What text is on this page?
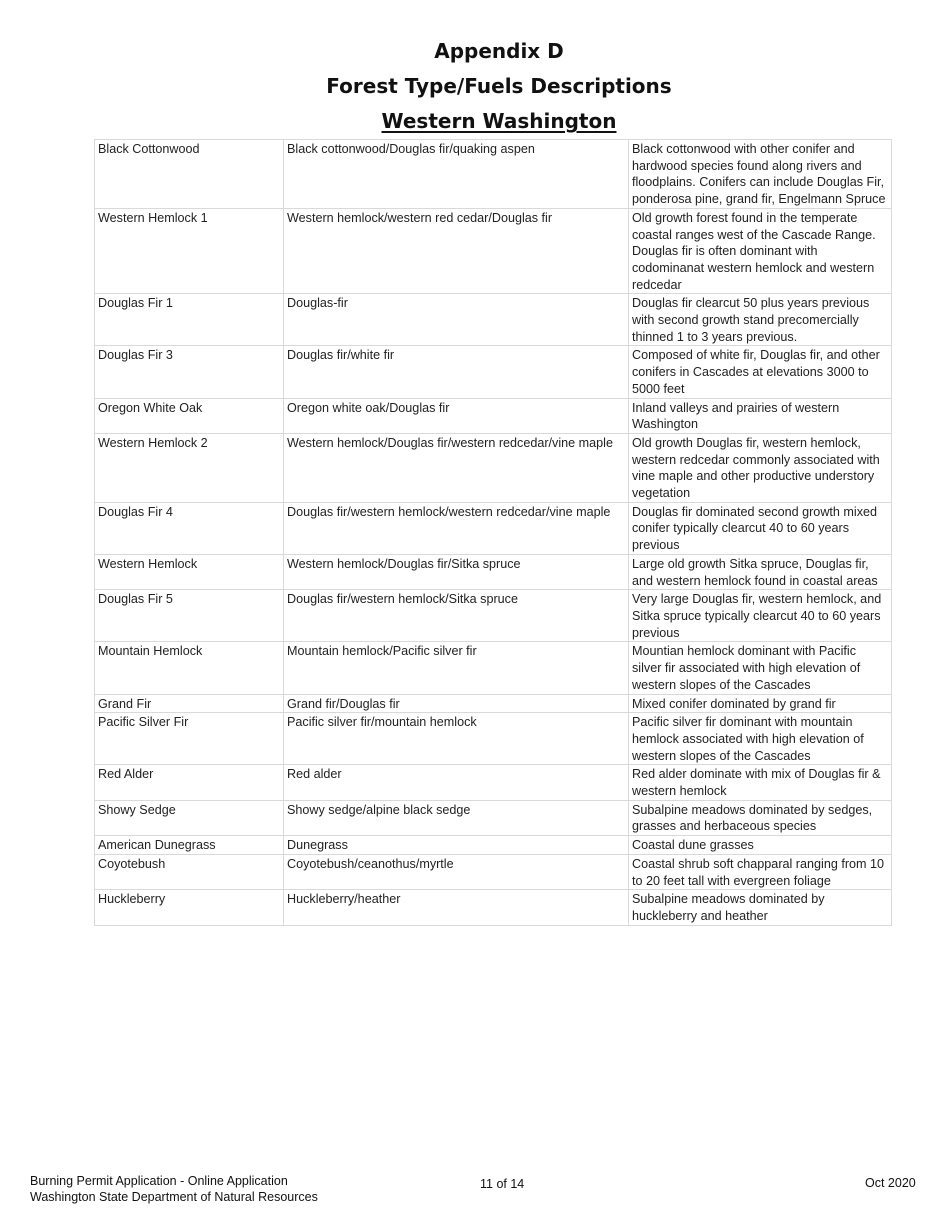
Appendix D
Forest Type/Fuels Descriptions
Western Washington
Black Cottonwood	Black cottonwood/Douglas fir/quaking aspen	Black cottonwood with other conifer and hardwood species found along rivers and floodplains. Conifers can include Douglas Fir, ponderosa pine, grand fir, Engelmann Spruce
Western Hemlock 1	Western hemlock/western red cedar/Douglas fir	Old growth forest found in the temperate coastal ranges west of the Cascade Range. Douglas fir is often dominant with codominanat western hemlock and western redcedar
Douglas Fir 1	Douglas-fir	Douglas fir clearcut 50 plus years previous with second growth stand precomercially thinned 1 to 3 years previous.
Douglas Fir 3	Douglas fir/white fir	Composed of white fir, Douglas fir, and other conifers in Cascades at elevations 3000 to 5000 feet
Oregon White Oak	Oregon white oak/Douglas fir	Inland valleys and prairies of western Washington
Western Hemlock 2	Western hemlock/Douglas fir/western redcedar/vine maple	Old growth Douglas fir, western hemlock, western redcedar commonly associated with vine maple and other productive understory vegetation
Douglas Fir 4	Douglas fir/western hemlock/western redcedar/vine maple	Douglas fir dominated second growth mixed conifer typically clearcut 40 to 60 years previous
Western Hemlock	Western hemlock/Douglas fir/Sitka spruce	Large old growth Sitka spruce, Douglas fir, and western hemlock found in coastal areas
Douglas Fir 5	Douglas fir/western hemlock/Sitka spruce	Very large Douglas fir, western hemlock, and Sitka spruce typically clearcut 40 to 60 years previous
Mountain Hemlock	Mountain hemlock/Pacific silver fir	Mountian hemlock dominant with Pacific silver fir associated with high elevation of western slopes of the Cascades
Grand Fir	Grand fir/Douglas fir	Mixed conifer dominated by grand fir
Pacific Silver Fir	Pacific silver fir/mountain hemlock	Pacific silver fir dominant with mountain hemlock associated with high elevation of western slopes of the Cascades
Red Alder	Red alder	Red alder dominate with mix of Douglas fir & western hemlock
Showy Sedge	Showy sedge/alpine black sedge	Subalpine meadows dominated by sedges, grasses and herbaceous species
American Dunegrass	Dunegrass	Coastal dune grasses
Coyotebush	Coyotebush/ceanothus/myrtle	Coastal shrub soft chapparal ranging from 10 to 20 feet tall with evergreen foliage
Huckleberry	Huckleberry/heather	Subalpine meadows dominated by huckleberry and heather
Burning Permit Application - Online Application
Washington State Department of Natural Resources
11 of 14	Oct 2020
